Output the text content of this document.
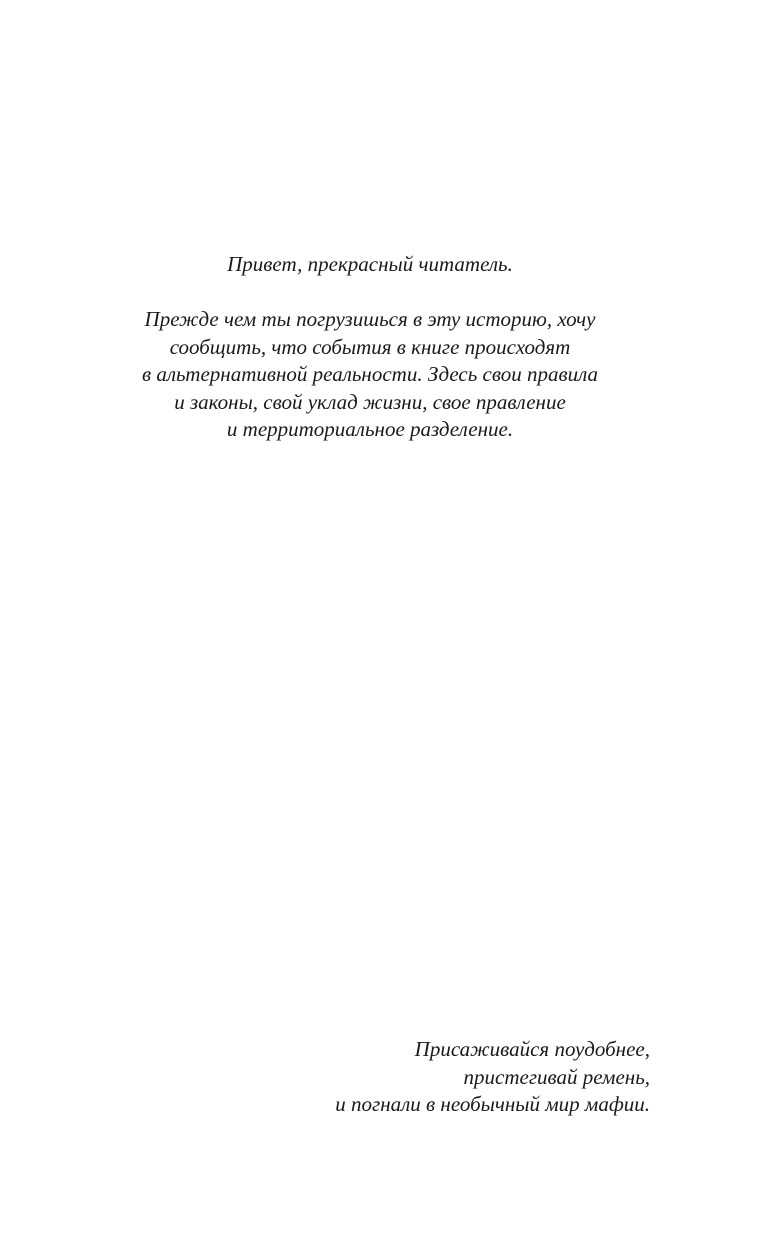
Привет, прекрасный читатель.

Прежде чем ты погрузишься в эту историю, хочу
сообщить, что события в книге происходят
в альтернативной реальности. Здесь свои правила
и законы, свой уклад жизни, свое правление
и территориальное разделение.
Присаживайся поудобнее,
пристегивай ремень,
и погнали в необычный мир мафии.
